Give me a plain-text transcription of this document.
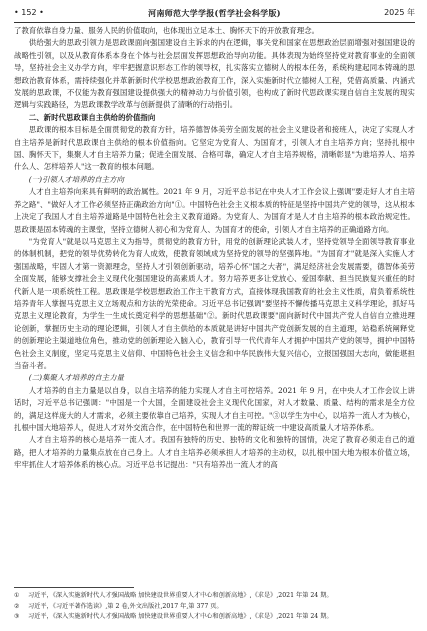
• 152 •	河南师范大学学报(哲学社会科学版)	2025 年

了教育依靠自身力量、服务人民的价值取向，也体现出立足本土、胸怀天下的开放教育理念。

供给强大的思政引领力是思政课面向强国建设自主诉求的内在逻辑，事关党和国家在思想政治层面增强对强国建设的战略性引领，以及从教育体系本身在个体与社会层面发挥思想政治导向功能。具体表现为始终坚持党对教育事业的全面领导，坚持社会主义办学方向，牢牢把握意识形态工作的领导权，扎实落实立德树人的根本任务，系统构建起同本铸魂的思想政治教育体系，需持续强化并革新新时代学校思想政治教育工作，深入实施新时代立德树人工程，凭借高质量、内涵式发展的思政课，不仅能为教育强国建设提供强大的精神动力与价值引领，也构成了新时代思政课实现自信自主发展的现实逻辑与实践路径，为思政课教学改革与创新提供了清晰的行动指引。

二、新时代思政课自主供给的价值指向

思政课的根本目标是全面贯彻党的教育方针，培养德智体美劳全面发展的社会主义建设者和接班人，决定了实现人才自主培养是新时代思政课自主供给的根本价值指向。它坚定为党育人、为国育才，引领人才自主培养方向；坚持扎根中国、胸怀天下，集聚人才自主培养力量；促进全面发展、合格可靠，确定人才自主培养规格，清晰彰显"为谁培养人、培养什么人、怎样培养人"这一教育的根本问题。

(一)引领人才培养的自主方向

人才自主培养向来具有鲜明的政治属性。2021 年 9 月，习近平总书记在中央人才工作会议上强调"要走好人才自主培养之路"、"做好人才工作必须坚持正确政治方向"①。中国特色社会主义根本质的特征是坚持中国共产党的领导，这从根本上决定了我国人才自主培养道路是中国特色社会主义教育道路。为党育人、为国育才是人才自主培养的根本政治规定性。思政课是固本铸魂的主课堂，坚持立德树人初心和为党育人、为国育才的使命，引领人才自主培养的正确道路方向。

"为党育人"就是以马克思主义为指导，贯彻党的教育方针，用党的创新理论武装人才，坚持党领导全面领导教育事业的体制机制，把党的领导优势转化为育人成效，使教育领域成为坚持党的领导的坚强阵地。"为国育才"就是深入实施人才强国战略，牢固人才第一资源理念，坚持人才引领创新驱动，培养心怀"国之大者"，满足经济社会发展需要，德智体美劳全面发展，能够支撑社会主义现代化强国建设的高素质人才。努力培养更多让党放心、爱国奉献、担当民族复兴重任的时代新人是一项系统性工程。思政课是学校思想政治工作主干教育方式，直接体现我国教育的社会主义性质，肩负着系统性培养青年人掌握马克思主义立场观点和方法的光荣使命。习近平总书记强调"要坚持不懈传播马克思主义科学理论，抓好马克思主义理论教育，为学生一生成长奠定科学的思想基础"②。新时代思政课要"面向新时代中国共产党人自信自立推进理论创新，掌握历史主动的理论逻辑，引领人才自主供给的本质就是讲好中国共产党创新发展的自主道理，站稳系统阐释党的创新理论主渠道地位角色，推动党的创新理论入脑入心，教育引导一代代青年人才拥护中国共产党的领导，拥护中国特色社会主义制度，坚定马克思主义信仰、中国特色社会主义信念和中华民族伟大复兴信心，立报国强国大志向，做能堪担当奋斗者。

(二)集聚人才培养的自主力量

人才培养的自主力量是以自身，以自主培养的能力实现人才自主可控培养。2021 年 9 月，在中央人才工作会议上讲话时，习近平总书记强调："中国是一个大国，全面建设社会主义现代化国家，对人才数量、质量、结构的需求是全方位的，满足这样庞大的人才需求，必须主要依靠自己培养，实现人才自主可控。"③以学生为中心，以培养一流人才为核心，扎根中国大地培养人，促进人才对外交流合作，在中国特色和世界一流的辩证统一中建设高质量人才培养体系。

人才自主培养的核心是培养一流人才。我国有独特的历史、独特的文化和独特的国情，决定了教育必须走自己的道路，把人才培养的力量集点放在自己身上。人才自主培养必须承担人才培养的主动权，以扎根中国大地为根本价值立场，牢牢抓住人才培养体系的核心点。习近平总书记提出："只有培养出一流人才的高

① 习近平，《深入实施新时代人才强国战略 加快建设世界重要人才中心和创新高地》,《求是》,2021 年第 24 期。
② 习近平，《习近平著作选读》,第 2 卷,外文出版社,2017 年,第 377 页。
③ 习近平，《深入实施新时代人才强国战略 加快建设世界重要人才中心和创新高地》,《求是》,2021 年第 24 期。
